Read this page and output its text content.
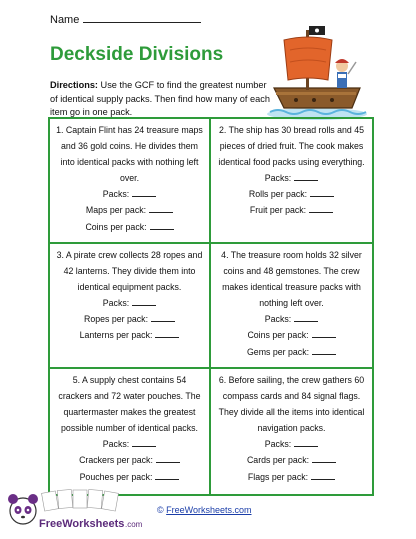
Name
Deckside Divisions
Directions: Use the GCF to find the greatest number of identical supply packs. Then find how many of each item go in one pack.

1. Captain Flint has 24 treasure maps and 36 gold coins. He divides them into identical packs with nothing left over.

Packs:
Maps per pack:
Coins per pack:

2. The ship has 30 bread rolls and 45 pieces of dried fruit. The cook makes identical food packs using everything.

Packs:
Rolls per pack:
Fruit per pack:

3. A pirate crew collects 28 ropes and 42 lanterns. They divide them into identical equipment packs.

Packs:
Ropes per pack:
Lanterns per pack:

4. The treasure room holds 32 silver coins and 48 gemstones. The crew makes identical treasure packs with nothing left over.

Packs:
Coins per pack:
Gems per pack:

5. A supply chest contains 54 crackers and 72 water pouches. The quartermaster makes the greatest possible number of identical packs.

Packs:
Crackers per pack:
Pouches per pack:

6. Before sailing, the crew gathers 60 compass cards and 84 signal flags. They divide all the items into identical navigation packs.

Packs:
Cards per pack:
Flags per pack:
FreeWorksheets .com
© FreeWorksheets.com
